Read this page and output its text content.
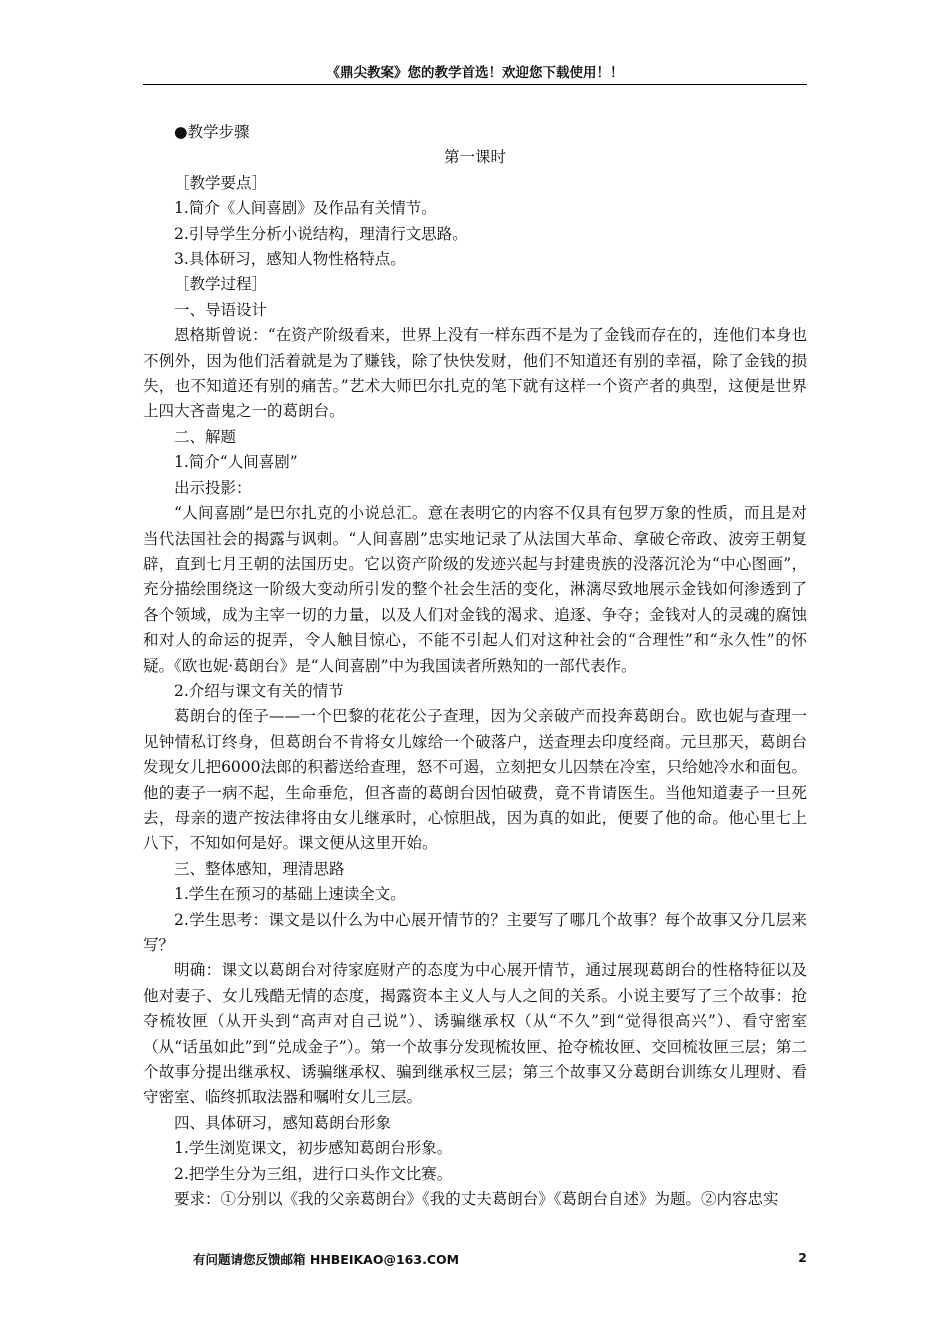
《鼎尖教案》您的教学首选！欢迎您下载使用！！

●教学步骤

第一课时

［教学要点］

1.简介《人间喜剧》及作品有关情节。

2.引导学生分析小说结构，理清行文思路。

3.具体研习，感知人物性格特点。

［教学过程］

一、导语设计

恩格斯曾说：“在资产阶级看来，世界上没有一样东西不是为了金钱而存在的，连他们本身也不例外，因为他们活着就是为了赚钱，除了快快发财，他们不知道还有别的幸福，除了金钱的损失，也不知道还有别的痛苦。”艺术大师巴尔扎克的笔下就有这样一个资产者的典型，这便是世界上四大吝啬鬼之一的葛朗台。

二、解题

1.简介“人间喜剧”

出示投影：

“人间喜剧”是巴尔扎克的小说总汇。意在表明它的内容不仅具有包罗万象的性质，而且是对当代法国社会的揭露与讽刺。“人间喜剧”忠实地记录了从法国大革命、拿破仑帝政、波旁王朝复辟，直到七月王朝的法国历史。它以资产阶级的发迹兴起与封建贵族的没落沉沦为“中心图画”，充分描绘围绕这一阶级大变动所引发的整个社会生活的变化，淋漓尽致地展示金钱如何渗透到了各个领域，成为主宰一切的力量，以及人们对金钱的渴求、追逐、争夺；金钱对人的灵魂的腐蚀和对人的命运的捉弄，令人触目惊心，不能不引起人们对这种社会的“合理性”和“永久性”的怀疑。《欧也妮·葛朗台》是“人间喜剧”中为我国读者所熟知的一部代表作。

2.介绍与课文有关的情节

葛朗台的侄子——一个巴黎的花花公子查理，因为父亲破产而投奔葛朗台。欧也妮与查理一见钟情私订终身，但葛朗台不肯将女儿嫁给一个破落户，送查理去印度经商。元旦那天，葛朗台发现女儿把6000法郎的积蓄送给查理，怒不可遏，立刻把女儿囚禁在冷室，只给她冷水和面包。他的妻子一病不起，生命垂危，但吝啬的葛朗台因怕破费，竟不肯请医生。当他知道妻子一旦死去，母亲的遗产按法律将由女儿继承时，心惊胆战，因为真的如此，便要了他的命。他心里七上八下，不知如何是好。课文便从这里开始。

三、整体感知，理清思路

1.学生在预习的基础上速读全文。

2.学生思考：课文是以什么为中心展开情节的？主要写了哪几个故事？每个故事又分几层来写？

明确：课文以葛朗台对待家庭财产的态度为中心展开情节，通过展现葛朗台的性格特征以及他对妻子、女儿残酷无情的态度，揭露资本主义人与人之间的关系。小说主要写了三个故事：抢夺梳妆匣（从开头到“高声对自己说”）、诱骗继承权（从“不久”到“觉得很高兴”）、看守密室（从“话虽如此”到“兑成金子”）。第一个故事分发现梳妆匣、抢夺梳妆匣、交回梳妆匣三层；第二个故事分提出继承权、诱骗继承权、骗到继承权三层；第三个故事又分葛朗台训练女儿理财、看守密室、临终抓取法器和嘱咐女儿三层。

四、具体研习，感知葛朗台形象

1.学生浏览课文，初步感知葛朗台形象。

2.把学生分为三组，进行口头作文比赛。

要求：①分别以《我的父亲葛朗台》《我的丈夫葛朗台》《葛朗台自述》为题。②内容忠实

有问题请您反馈邮箱 HHBEIKAO@163.COM	2
